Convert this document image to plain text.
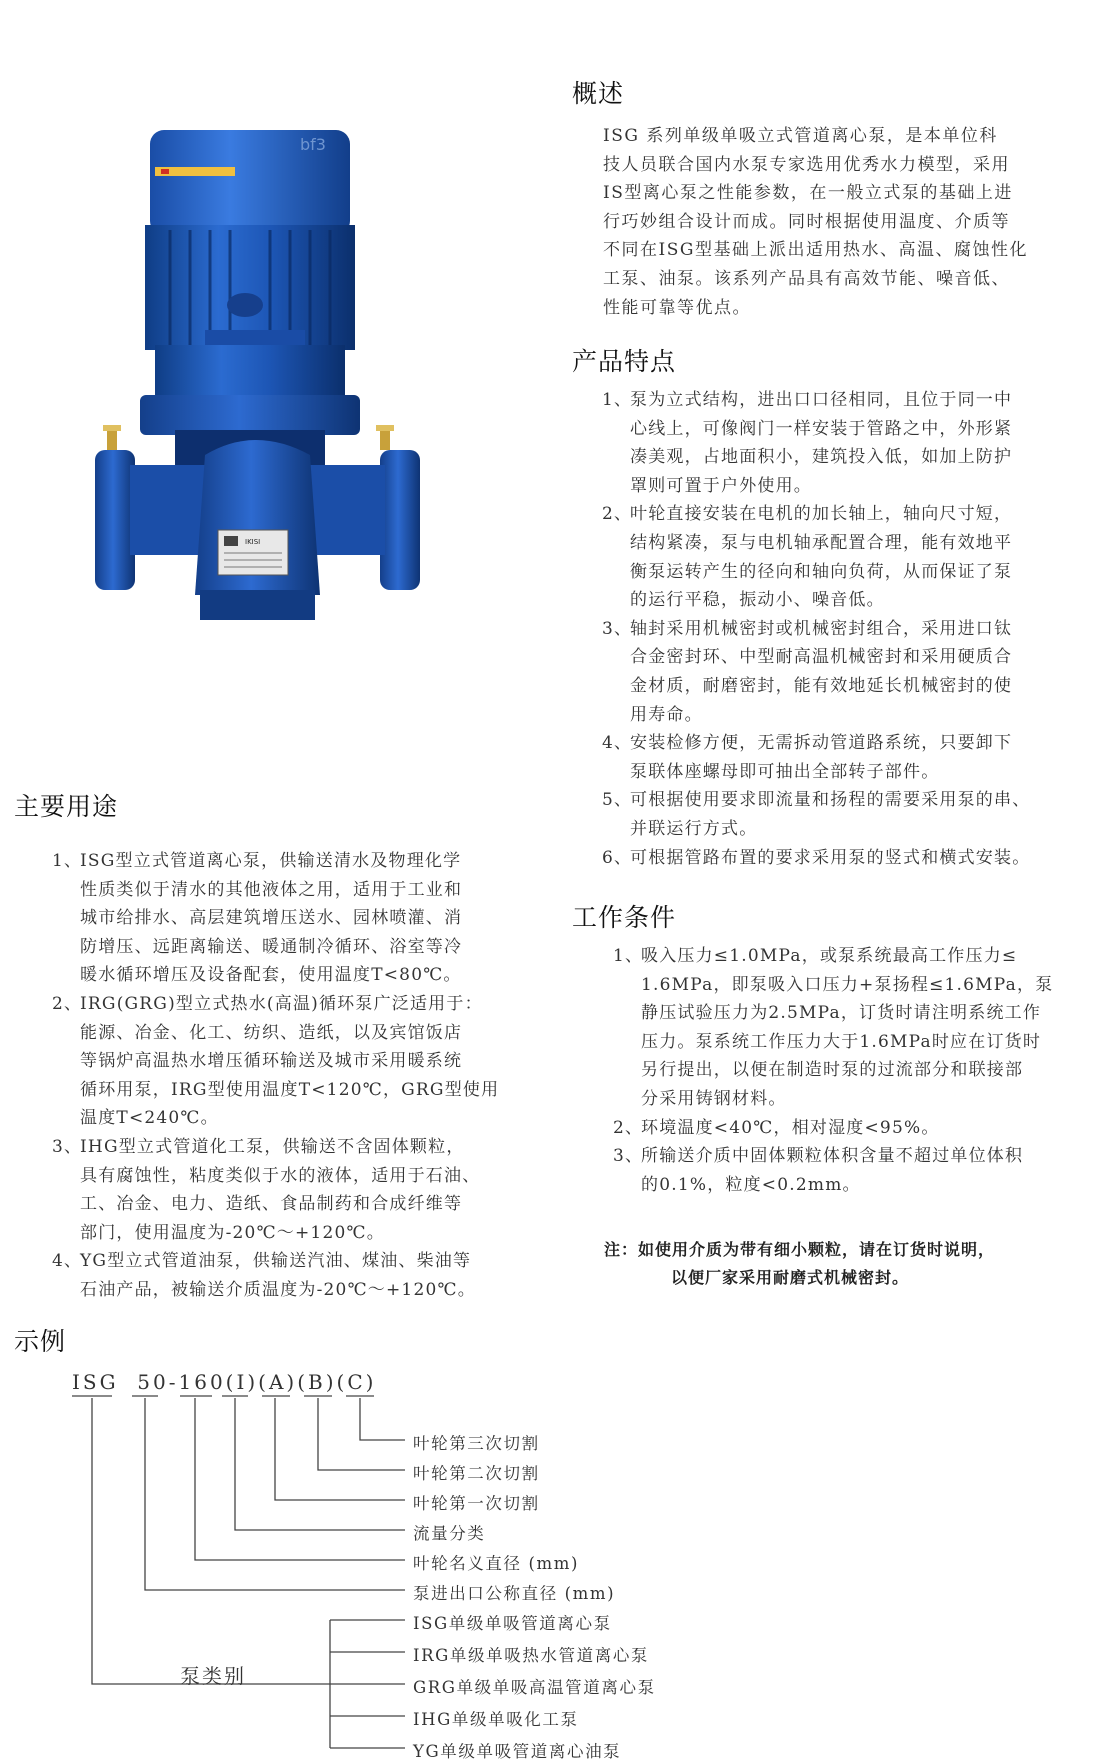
bf3
IKISI
概述

ISG 系列单级单吸立式管道离心泵，是本单位科

技人员联合国内水泵专家选用优秀水力模型，采用

IS型离心泵之性能参数，在一般立式泵的基础上进

行巧妙组合设计而成。同时根据使用温度、介质等

不同在ISG型基础上派出适用热水、高温、腐蚀性化

工泵、油泵。该系列产品具有高效节能、噪音低、

性能可靠等优点。

产品特点
1、
泵为立式结构，进出口口径相同，且位于同一中
心线上，可像阀门一样安装于管路之中，外形紧
凑美观，占地面积小，建筑投入低，如加上防护
罩则可置于户外使用。
2、
叶轮直接安装在电机的加长轴上，轴向尺寸短，
结构紧凑，泵与电机轴承配置合理，能有效地平
衡泵运转产生的径向和轴向负荷，从而保证了泵
的运行平稳，振动小、噪音低。
3、
轴封采用机械密封或机械密封组合，采用进口钛
合金密封环、中型耐高温机械密封和采用硬质合
金材质，耐磨密封，能有效地延长机械密封的使
用寿命。
4、
安装检修方便，无需拆动管道路系统，只要卸下
泵联体座螺母即可抽出全部转子部件。
5、
可根据使用要求即流量和扬程的需要采用泵的串、
并联运行方式。
6、
可根据管路布置的要求采用泵的竖式和横式安装。
工作条件
1、
吸入压力≤1.0MPa，或泵系统最高工作压力≤
1.6MPa，即泵吸入口压力+泵扬程≤1.6MPa，泵
静压试验压力为2.5MPa，订货时请注明系统工作
压力。泵系统工作压力大于1.6MPa时应在订货时
另行提出，以便在制造时泵的过流部分和联接部
分采用铸钢材料。
2、
环境温度<40℃，相对湿度<95%。
3、
所输送介质中固体颗粒体积含量不超过单位体积
的0.1%，粒度<0.2mm。
注：如使用介质为带有细小颗粒，请在订货时说明，
以便厂家采用耐磨式机械密封。
主要用途
1、
ISG型立式管道离心泵，供输送清水及物理化学
性质类似于清水的其他液体之用，适用于工业和
城市给排水、高层建筑增压送水、园林喷灌、消
防增压、远距离输送、暖通制冷循环、浴室等冷
暖水循环增压及设备配套，使用温度T<80℃。
2、
IRG(GRG)型立式热水(高温)循环泵广泛适用于：
能源、冶金、化工、纺织、造纸，以及宾馆饭店
等锅炉高温热水增压循环输送及城市采用暖系统
循环用泵，IRG型使用温度T<120℃，GRG型使用
温度T<240℃。
3、
IHG型立式管道化工泵，供输送不含固体颗粒，
具有腐蚀性，粘度类似于水的液体，适用于石油、
工、冶金、电力、造纸、食品制药和合成纤维等
部门，使用温度为-20℃～+120℃。
4、
YG型立式管道油泵，供输送汽油、煤油、柴油等
石油产品，被输送介质温度为-20℃～+120℃。
示例
ISG  50-160(I)(A)(B)(C)
叶轮第三次切割
叶轮第二次切割
叶轮第一次切割
流量分类
叶轮名义直径 (mm)
泵进出口公称直径 (mm)
泵类别
ISG单级单吸管道离心泵
IRG单级单吸热水管道离心泵
GRG单级单吸高温管道离心泵
IHG单级单吸化工泵
YG单级单吸管道离心油泵
